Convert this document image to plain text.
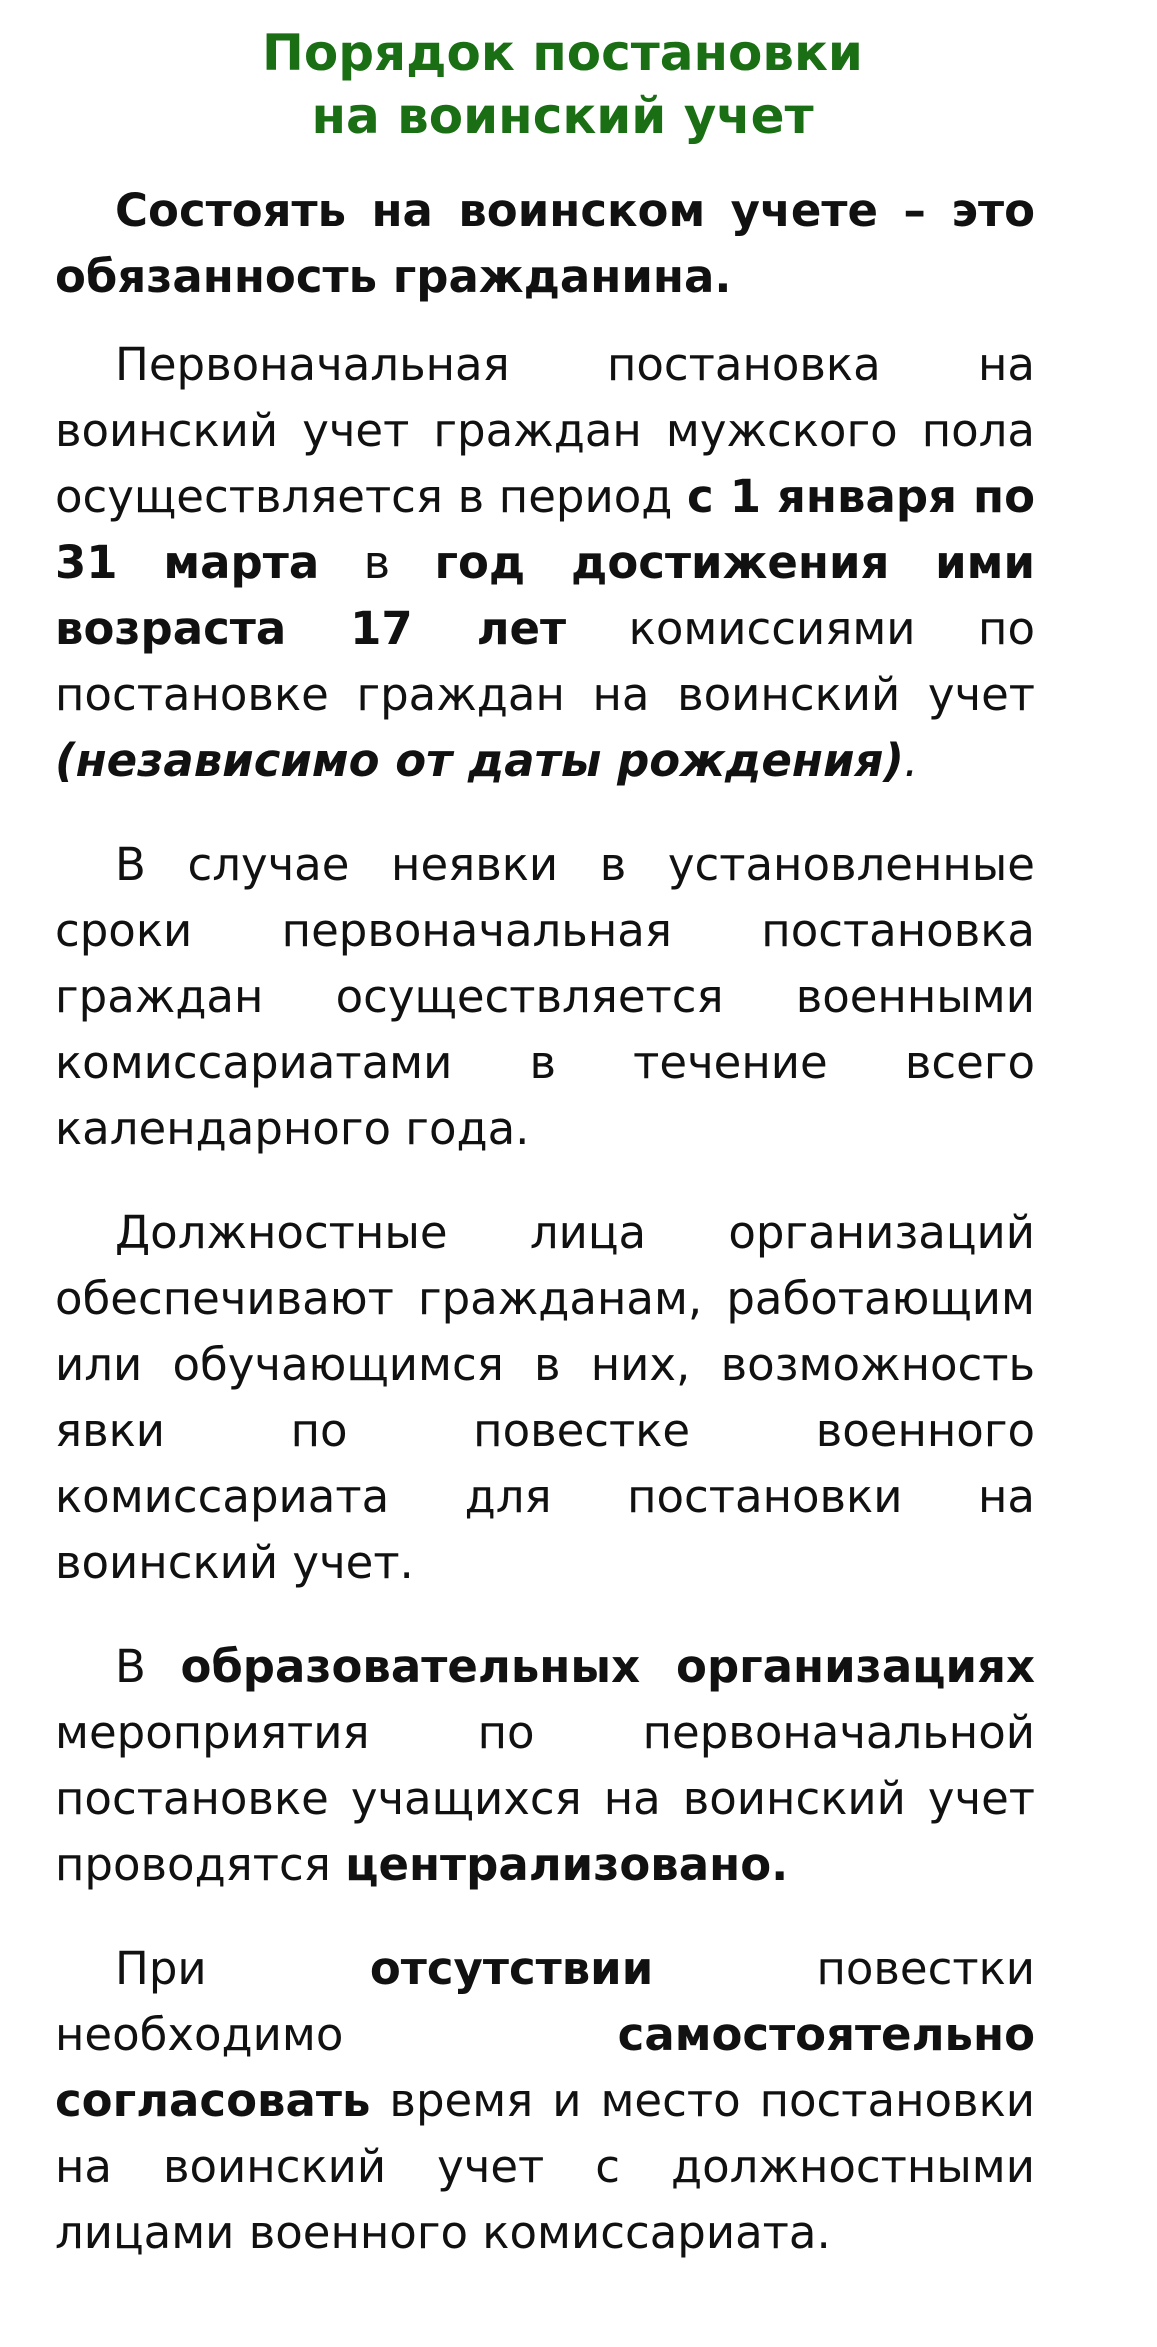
Порядок постановки
на воинский учет

Состоять на воинском учете – это обязанность гражданина.

Первоначальная постановка на воинский учет граждан мужского пола осуществляется в период с 1 января по 31 марта в год достижения ими возраста 17 лет комиссиями по постановке граждан на воинский учет (независимо от даты рождения).

В случае неявки в установленные сроки первоначальная постановка граждан осуществляется военными комиссариатами в течение всего календарного года.

Должностные лица организаций обеспечивают гражданам, работающим или обучающимся в них, возможность явки по повестке военного комиссариата для постановки на воинский учет.

В образовательных организациях мероприятия по первоначальной постановке учащихся на воинский учет проводятся централизовано.

При отсутствии повестки необходимо самостоятельно согласовать время и место постановки на воинский учет с должностными лицами военного комиссариата.
